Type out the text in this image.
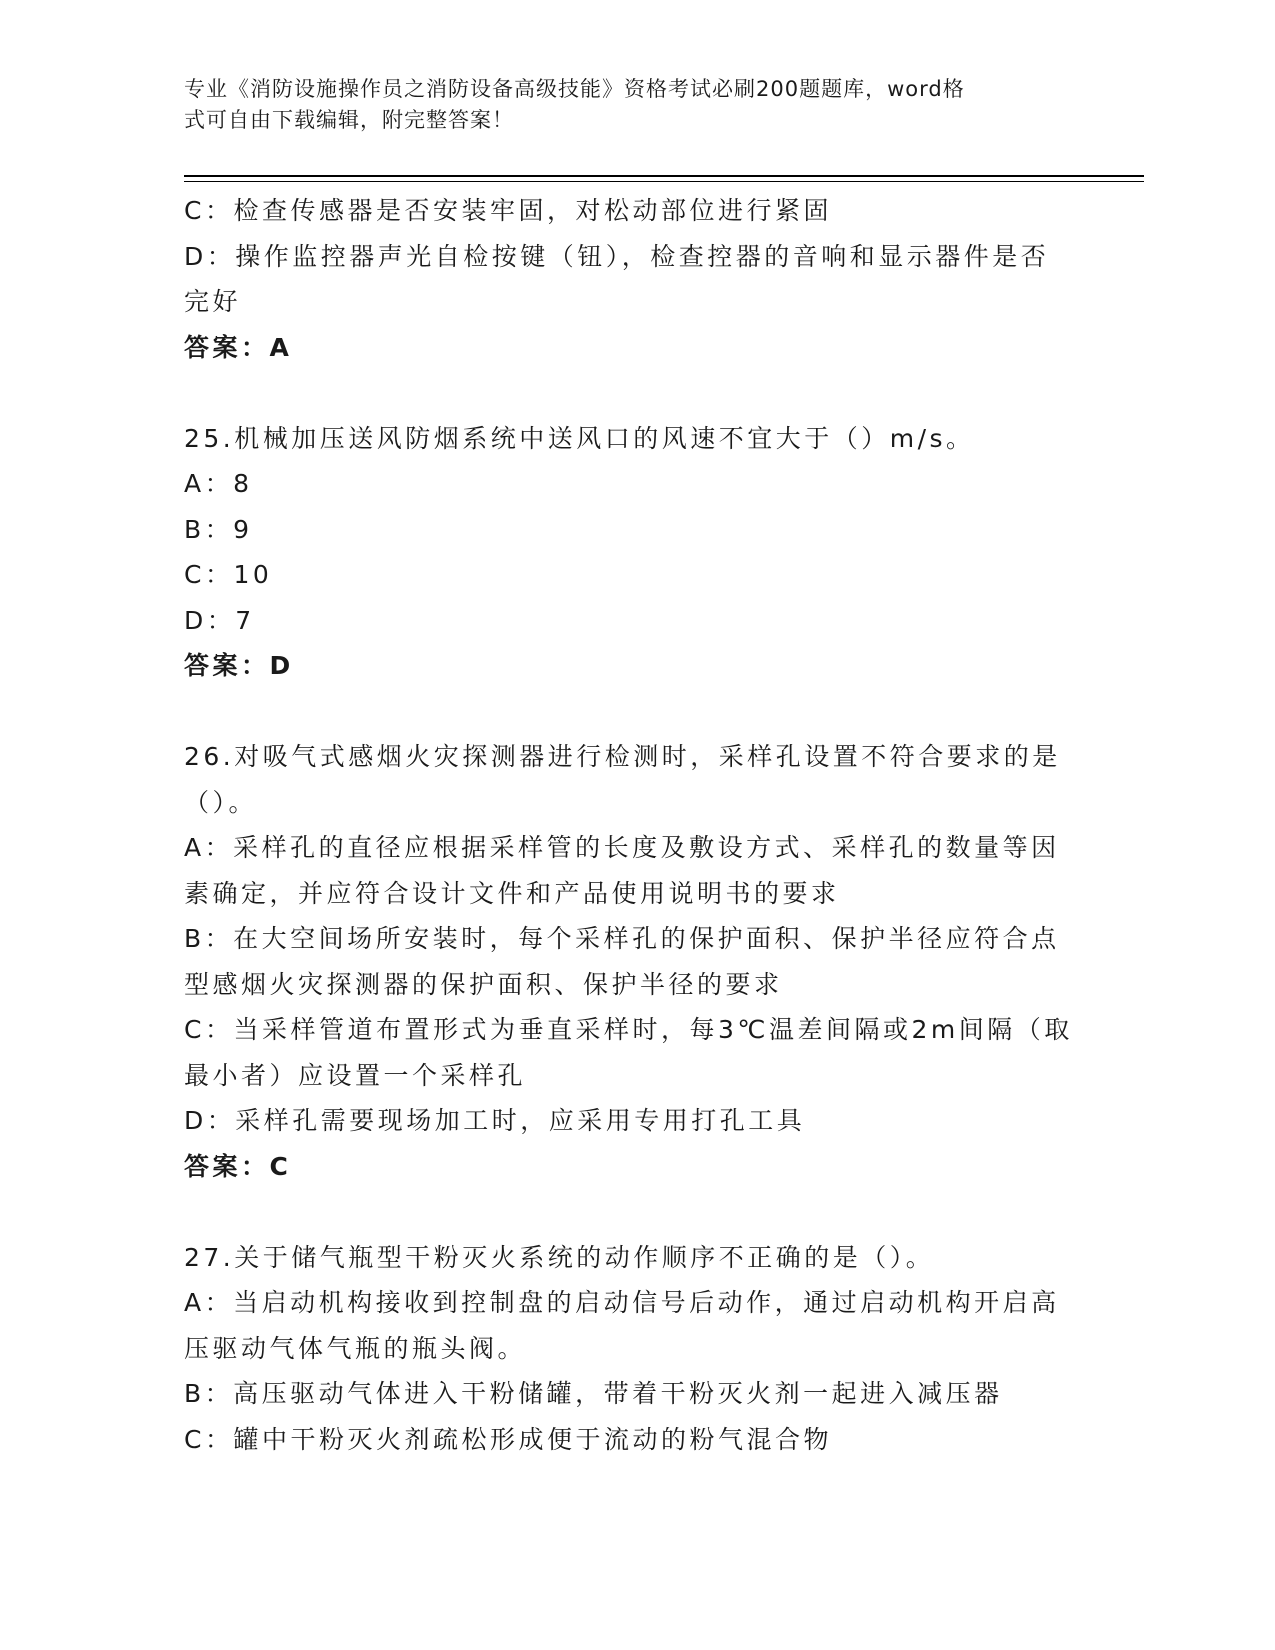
专业《消防设施操作员之消防设备高级技能》资格考试必刷200题题库，word格
式可自由下载编辑，附完整答案！
C：检查传感器是否安装牢固，对松动部位进行紧固
D：操作监控器声光自检按键（钮），检查控器的音响和显示器件是否
完好
答案：A
25.机械加压送风防烟系统中送风口的风速不宜大于（）m/s。
A：8
B：9
C：10
D：7
答案：D
26.对吸气式感烟火灾探测器进行检测时，采样孔设置不符合要求的是
（）。
A：采样孔的直径应根据采样管的长度及敷设方式、采样孔的数量等因
素确定，并应符合设计文件和产品使用说明书的要求
B：在大空间场所安装时，每个采样孔的保护面积、保护半径应符合点
型感烟火灾探测器的保护面积、保护半径的要求
C：当采样管道布置形式为垂直采样时，每3℃温差间隔或2m间隔（取
最小者）应设置一个采样孔
D：采样孔需要现场加工时，应采用专用打孔工具
答案：C
27.关于储气瓶型干粉灭火系统的动作顺序不正确的是（）。
A：当启动机构接收到控制盘的启动信号后动作，通过启动机构开启高
压驱动气体气瓶的瓶头阀。
B：高压驱动气体进入干粉储罐，带着干粉灭火剂一起进入减压器
C：罐中干粉灭火剂疏松形成便于流动的粉气混合物
